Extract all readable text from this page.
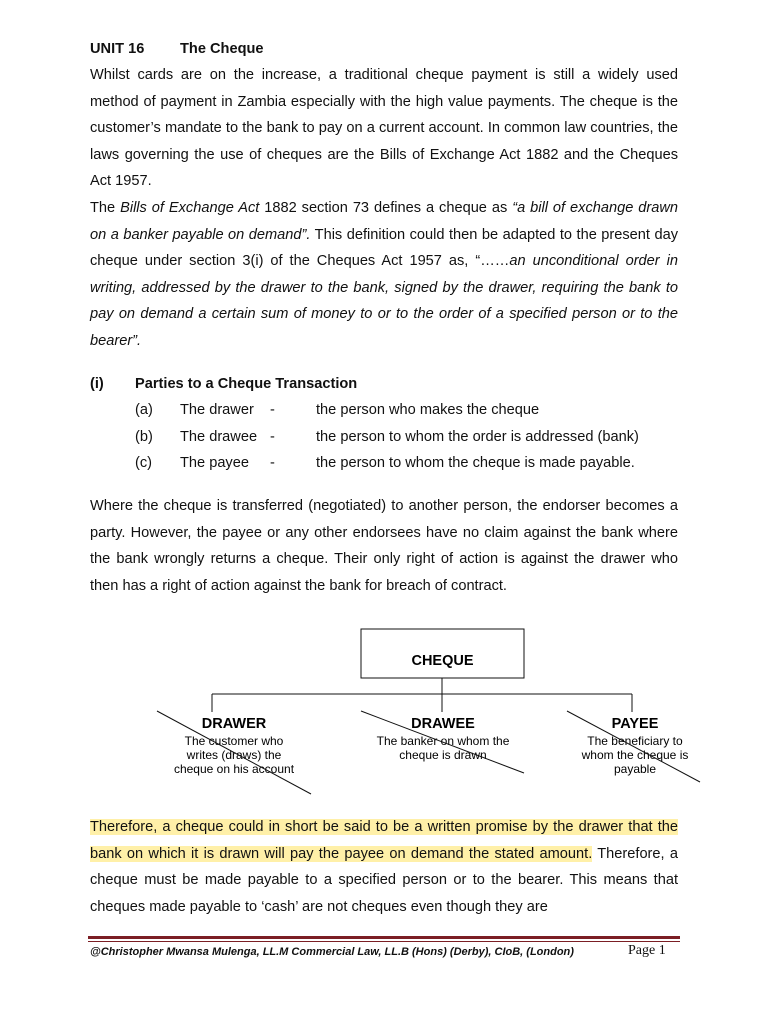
UNIT 16 The Cheque

Whilst cards are on the increase, a traditional cheque payment is still a widely used method of payment in Zambia especially with the high value payments. The cheque is the customer’s mandate to the bank to pay on a current account. In common law countries, the laws governing the use of cheques are the Bills of Exchange Act 1882 and the Cheques Act 1957.

The Bills of Exchange Act 1882 section 73 defines a cheque as “a bill of exchange drawn on a banker payable on demand”. This definition could then be adapted to the present day cheque under section 3(i) of the Cheques Act 1957 as, “……an unconditional order in writing, addressed by the drawer to the bank, signed by the drawer, requiring the bank to pay on demand a certain sum of money to or to the order of a specified person or to the bearer”.

(i) Parties to a Cheque Transaction
(a) The drawer -	the person who makes the cheque
(b) The drawee -	the person to whom the order is addressed (bank)
(c) The payee -	the person to whom the cheque is made payable.

Where the cheque is transferred (negotiated) to another person, the endorser becomes a party. However, the payee or any other endorsees have no claim against the bank where the bank wrongly returns a cheque. Their only right of action is against the drawer who then has a right of action against the bank for breach of contract.

CHEQUE
DRAWER
The customer who
writes (draws) the
cheque on his account
DRAWEE
The banker on whom the
cheque is drawn
PAYEE
The beneficiary to
whom the cheque is
payable

Therefore, a cheque could in short be said to be a written promise by the drawer that the bank on which it is drawn will pay the payee on demand the stated amount. Therefore, a cheque must be made payable to a specified person or to the bearer. This means that cheques made payable to ‘cash’ are not cheques even though they are

@Christopher Mwansa Mulenga, LL.M Commercial Law, LL.B (Hons) (Derby), CIoB, (London)	Page 1
